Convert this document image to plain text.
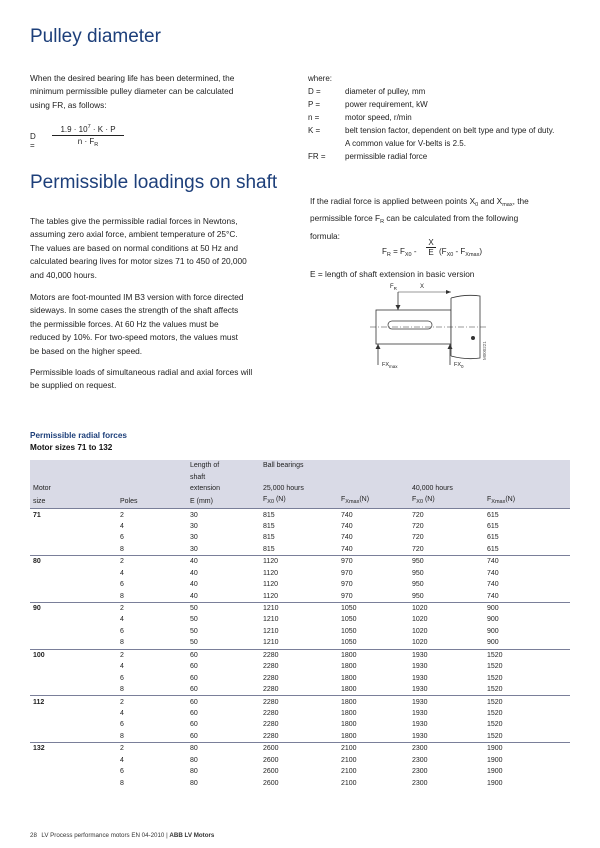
Pulley diameter
When the desired bearing life has been determined, the
minimum permissible pulley diameter can be calculated
using FR, as follows:
$D = \frac{1.9 \cdot 10^7 \cdot K \cdot P}{n \cdot F_R}$
where:
D =	diameter of pulley, mm
P =	power requirement, kW
n =	motor speed, r/min
K =	belt tension factor, dependent on belt type and type of duty. A common value for V-belts is 2.5.
FR =	permissible radial force
Permissible loadings on shaft
The tables give the permissible radial forces in Newtons,
assuming zero axial force, ambient temperature of 25°C.
The values are based on normal conditions at 50 Hz and
calculated bearing lives for motor sizes 71 to 450 of 20,000
and 40,000 hours.
Motors are foot-mounted IM B3 version with force directed
sideways. In some cases the strength of the shaft affects
the permissible forces. At 60 Hz the values must be
reduced by 10%. For two-speed motors, the values must
be based on the higher speed.
Permissible loads of simultaneous radial and axial forces will
be supplied on request.
If the radial force is applied between points $X_0$ and $X_{max}$, the
permissible force $F_R$ can be calculated from the following
formula:
$F_R = F_{X0}$ -
X
E $(F_{X0} - F_{Xmax})$
E = length of shaft extension in basic version
$F_R$	X
$FX_{max}$	$FX_0$
M000221
Permissible radial forces
Motor sizes 71 to 132
		Length of	Ball bearings			
		shaft				
Motor		extension	25,000 hours		40,000 hours	
size	Poles	E (mm)	$F_{X0}$ (N)	$F_{Xmax}(N)$	$F_{X0}$ (N)	$F_{Xmax}(N)$
71	2	30	815	740	720	615
	4	30	815	740	720	615
	6	30	815	740	720	615
	8	30	815	740	720	615
80	2	40	1120	970	950	740
	4	40	1120	970	950	740
	6	40	1120	970	950	740
	8	40	1120	970	950	740
90	2	50	1210	1050	1020	900
	4	50	1210	1050	1020	900
	6	50	1210	1050	1020	900
	8	50	1210	1050	1020	900
100	2	60	2280	1800	1930	1520
	4	60	2280	1800	1930	1520
	6	60	2280	1800	1930	1520
	8	60	2280	1800	1930	1520
112	2	60	2280	1800	1930	1520
	4	60	2280	1800	1930	1520
	6	60	2280	1800	1930	1520
	8	60	2280	1800	1930	1520
132	2	80	2600	2100	2300	1900
	4	80	2600	2100	2300	1900
	6	80	2600	2100	2300	1900
	8	80	2600	2100	2300	1900
28 LV Process performance motors EN 04-2010 | ABB LV Motors
